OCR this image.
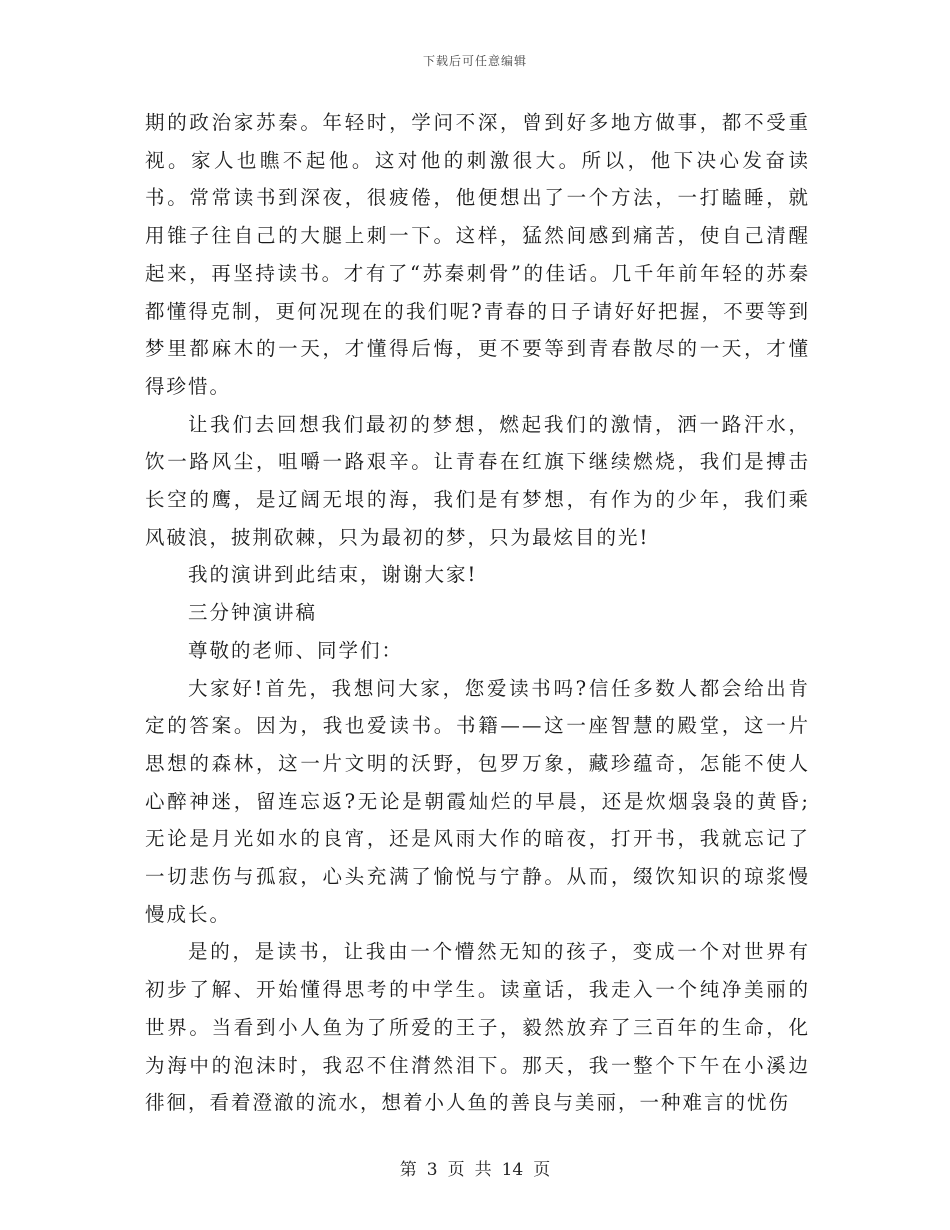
下载后可任意编辑

期的政治家苏秦。年轻时，学问不深，曾到好多地方做事，都不受重视。家人也瞧不起他。这对他的刺激很大。所以，他下决心发奋读书。常常读书到深夜，很疲倦，他便想出了一个方法，一打瞌睡，就用锥子往自己的大腿上刺一下。这样，猛然间感到痛苦，使自己清醒起来，再坚持读书。才有了“苏秦刺骨”的佳话。几千年前年轻的苏秦都懂得克制，更何况现在的我们呢?青春的日子请好好把握，不要等到梦里都麻木的一天，才懂得后悔，更不要等到青春散尽的一天，才懂得珍惜。

让我们去回想我们最初的梦想，燃起我们的激情，洒一路汗水，饮一路风尘，咀嚼一路艰辛。让青春在红旗下继续燃烧，我们是搏击长空的鹰，是辽阔无垠的海，我们是有梦想，有作为的少年，我们乘风破浪，披荆砍棘，只为最初的梦，只为最炫目的光!

我的演讲到此结束，谢谢大家!

三分钟演讲稿

尊敬的老师、同学们：

大家好!首先，我想问大家，您爱读书吗?信任多数人都会给出肯定的答案。因为，我也爱读书。书籍——这一座智慧的殿堂，这一片思想的森林，这一片文明的沃野，包罗万象，藏珍蕴奇，怎能不使人心醉神迷，留连忘返?无论是朝霞灿烂的早晨，还是炊烟袅袅的黄昏;无论是月光如水的良宵，还是风雨大作的暗夜，打开书，我就忘记了一切悲伤与孤寂，心头充满了愉悦与宁静。从而，缀饮知识的琼浆慢慢成长。

是的，是读书，让我由一个懵然无知的孩子，变成一个对世界有初步了解、开始懂得思考的中学生。读童话，我走入一个纯净美丽的世界。当看到小人鱼为了所爱的王子，毅然放弃了三百年的生命，化为海中的泡沫时，我忍不住潸然泪下。那天，我一整个下午在小溪边徘徊，看着澄澈的流水，想着小人鱼的善良与美丽，一种难言的忧伤

第 3 页 共 14 页
